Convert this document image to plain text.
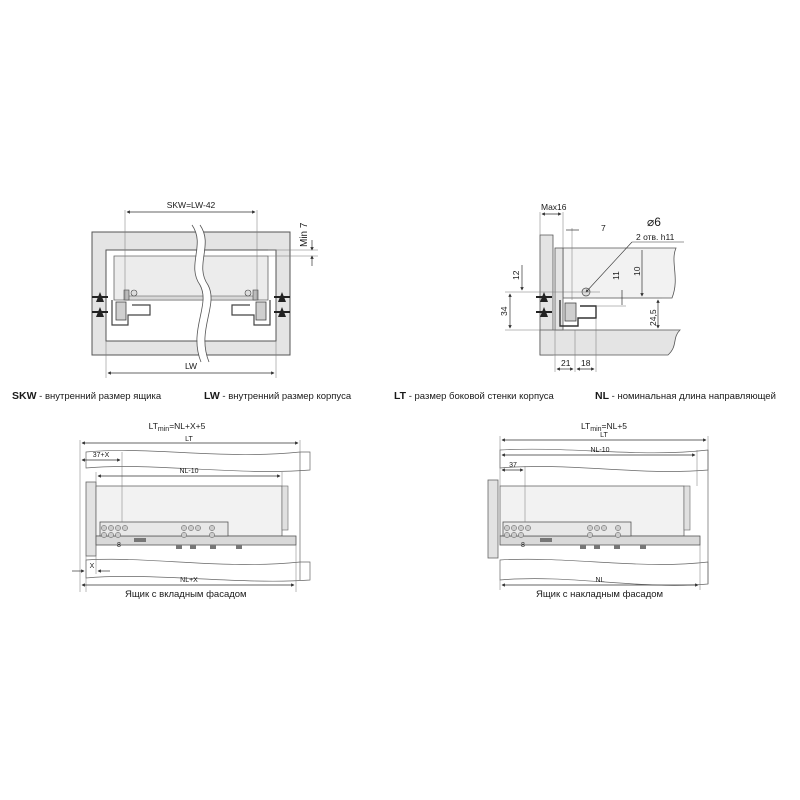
SKW=LW-42
LW
Min 7
Max16
7	⌀6
2 отв. h11
12	11 10
34	24,5
21 18
$LT_{min}=NL+X+5$
LT
37+X
NL-10
X
NL+X
8
$LT_{min}=NL+5$
LT
NL-10
37
NL
8
SKW - внутренний размер ящика	LW - внутренний размер корпуса	LT - размер боковой стенки корпуса	NL - номинальная длина направляющей
Ящик с вкладным фасадом	Ящик с накладным фасадом
